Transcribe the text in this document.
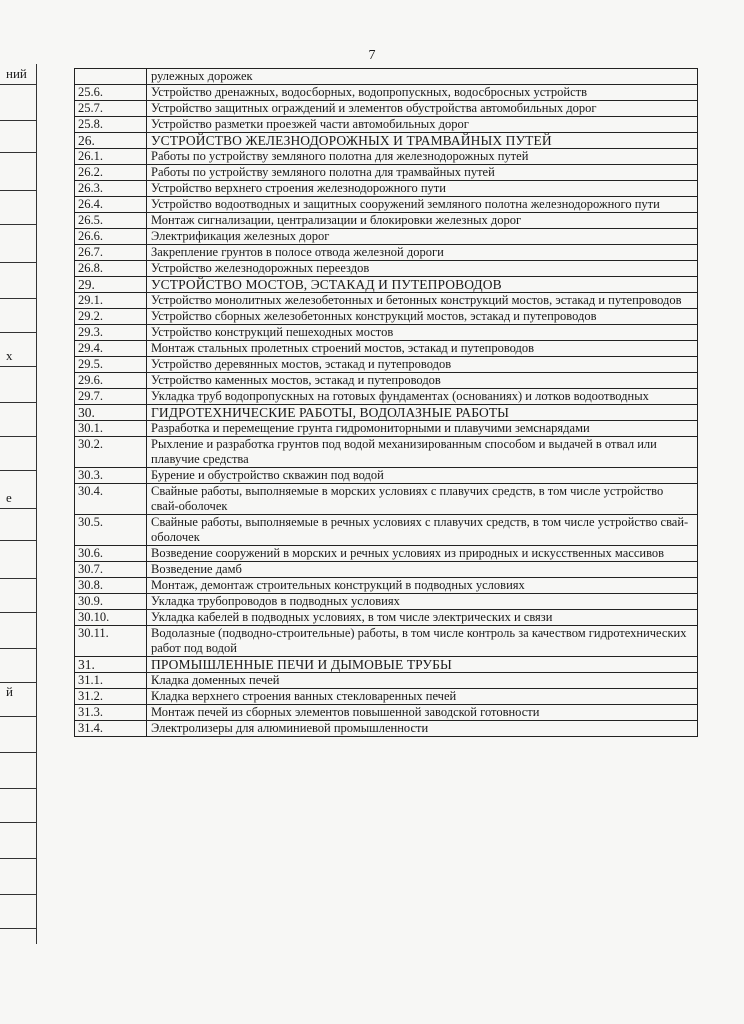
7
ний
х
е
й
	рулежных дорожек
25.6.	Устройство дренажных, водосборных, водопропускных, водосбросных устройств
25.7.	Устройство защитных ограждений и элементов обустройства автомобильных дорог
25.8.	Устройство разметки проезжей части автомобильных дорог
26.	УСТРОЙСТВО ЖЕЛЕЗНОДОРОЖНЫХ И ТРАМВАЙНЫХ ПУТЕЙ
26.1.	Работы по устройству земляного полотна для железнодорожных путей
26.2.	Работы по устройству земляного полотна для трамвайных путей
26.3.	Устройство верхнего строения железнодорожного пути
26.4.	Устройство водоотводных и защитных сооружений земляного полотна железнодорожного пути
26.5.	Монтаж сигнализации, централизации и блокировки железных дорог
26.6.	Электрификация железных дорог
26.7.	Закрепление грунтов в полосе отвода железной дороги
26.8.	Устройство железнодорожных переездов
29.	УСТРОЙСТВО МОСТОВ, ЭСТАКАД И ПУТЕПРОВОДОВ
29.1.	Устройство монолитных железобетонных и бетонных конструкций мостов, эстакад и путепроводов
29.2.	Устройство сборных железобетонных конструкций мостов, эстакад и путепроводов
29.3.	Устройство конструкций пешеходных мостов
29.4.	Монтаж стальных пролетных строений мостов, эстакад и путепроводов
29.5.	Устройство деревянных мостов, эстакад и путепроводов
29.6.	Устройство каменных мостов, эстакад и путепроводов
29.7.	Укладка труб водопропускных на готовых фундаментах (основаниях) и лотков водоотводных
30.	ГИДРОТЕХНИЧЕСКИЕ РАБОТЫ, ВОДОЛАЗНЫЕ РАБОТЫ
30.1.	Разработка и перемещение грунта гидромониторными и плавучими земснарядами
30.2.	Рыхление и разработка грунтов под водой механизированным способом и выдачей в отвал или плавучие средства
30.3.	Бурение и обустройство скважин под водой
30.4.	Свайные работы, выполняемые в морских условиях с плавучих средств, в том числе устройство свай-оболочек
30.5.	Свайные работы, выполняемые в речных условиях с плавучих средств, в том числе устройство свай-оболочек
30.6.	Возведение сооружений в морских и речных условиях из природных и искусственных массивов
30.7.	Возведение дамб
30.8.	Монтаж, демонтаж строительных конструкций в подводных условиях
30.9.	Укладка трубопроводов в подводных условиях
30.10.	Укладка кабелей в подводных условиях, в том числе электрических и связи
30.11.	Водолазные (подводно-строительные) работы, в том числе контроль за качеством гидротехнических работ под водой
31.	ПРОМЫШЛЕННЫЕ ПЕЧИ И ДЫМОВЫЕ ТРУБЫ
31.1.	Кладка доменных печей
31.2.	Кладка верхнего строения ванных стекловаренных печей
31.3.	Монтаж печей из сборных элементов повышенной заводской готовности
31.4.	Электролизеры для алюминиевой промышленности
